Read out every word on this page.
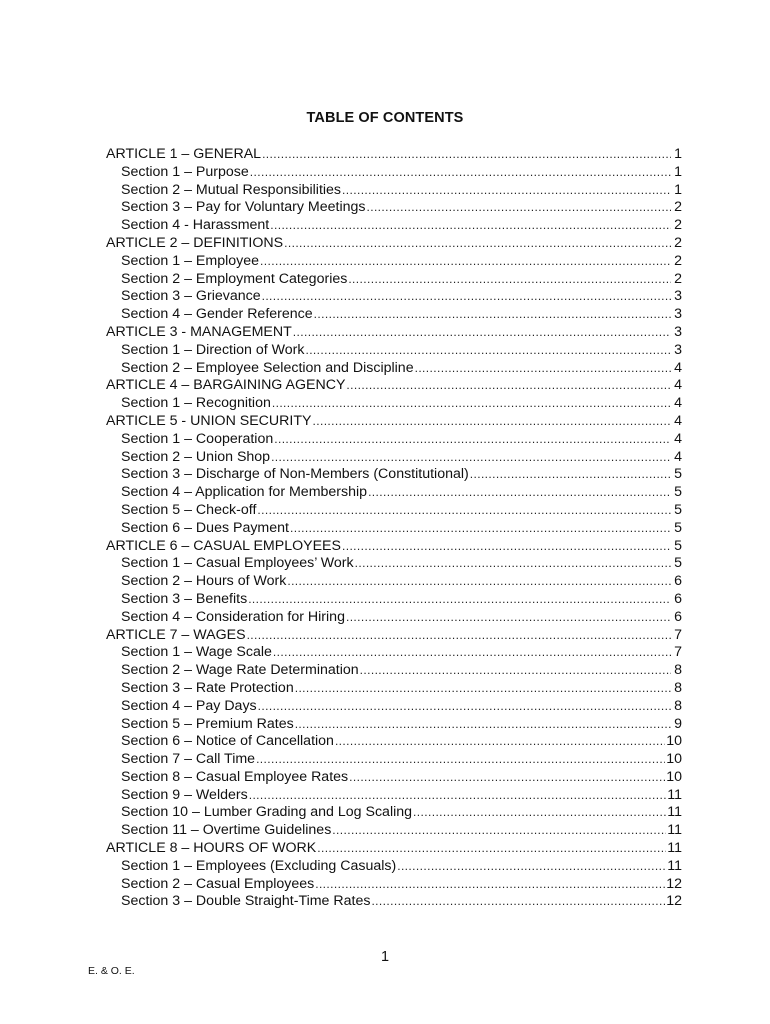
TABLE OF CONTENTS
ARTICLE 1 – GENERAL .....	1
Section 1 – Purpose .....	1
Section 2 – Mutual Responsibilities .....	1
Section 3 – Pay for Voluntary Meetings .....	2
Section 4 - Harassment .....	2
ARTICLE 2 – DEFINITIONS .....	2
Section 1 – Employee .....	2
Section 2 – Employment Categories .....	2
Section 3 – Grievance .....	3
Section 4 – Gender Reference .....	3
ARTICLE 3 - MANAGEMENT .....	3
Section 1 – Direction of Work .....	3
Section 2 – Employee Selection and Discipline .....	4
ARTICLE 4 – BARGAINING AGENCY .....	4
Section 1 – Recognition .....	4
ARTICLE 5 - UNION SECURITY .....	4
Section 1 – Cooperation .....	4
Section 2 – Union Shop .....	4
Section 3 – Discharge of Non-Members (Constitutional) .....	5
Section 4 – Application for Membership .....	5
Section 5 – Check-off .....	5
Section 6 – Dues Payment .....	5
ARTICLE 6 – CASUAL EMPLOYEES .....	5
Section 1 – Casual Employees’ Work .....	5
Section 2 – Hours of Work .....	6
Section 3 – Benefits .....	6
Section 4 – Consideration for Hiring .....	6
ARTICLE 7 – WAGES .....	7
Section 1 – Wage Scale .....	7
Section 2 – Wage Rate Determination .....	8
Section 3 – Rate Protection .....	8
Section 4 – Pay Days .....	8
Section 5 – Premium Rates .....	9
Section 6 – Notice of Cancellation .....	10
Section 7 – Call Time .....	10
Section 8 – Casual Employee Rates .....	10
Section 9 – Welders .....	11
Section 10 – Lumber Grading and Log Scaling .....	11
Section 11 – Overtime Guidelines .....	11
ARTICLE 8 – HOURS OF WORK .....	11
Section 1 – Employees (Excluding Casuals) .....	11
Section 2 – Casual Employees .....	12
Section 3 – Double Straight-Time Rates .....	12
1
E. & O. E.
